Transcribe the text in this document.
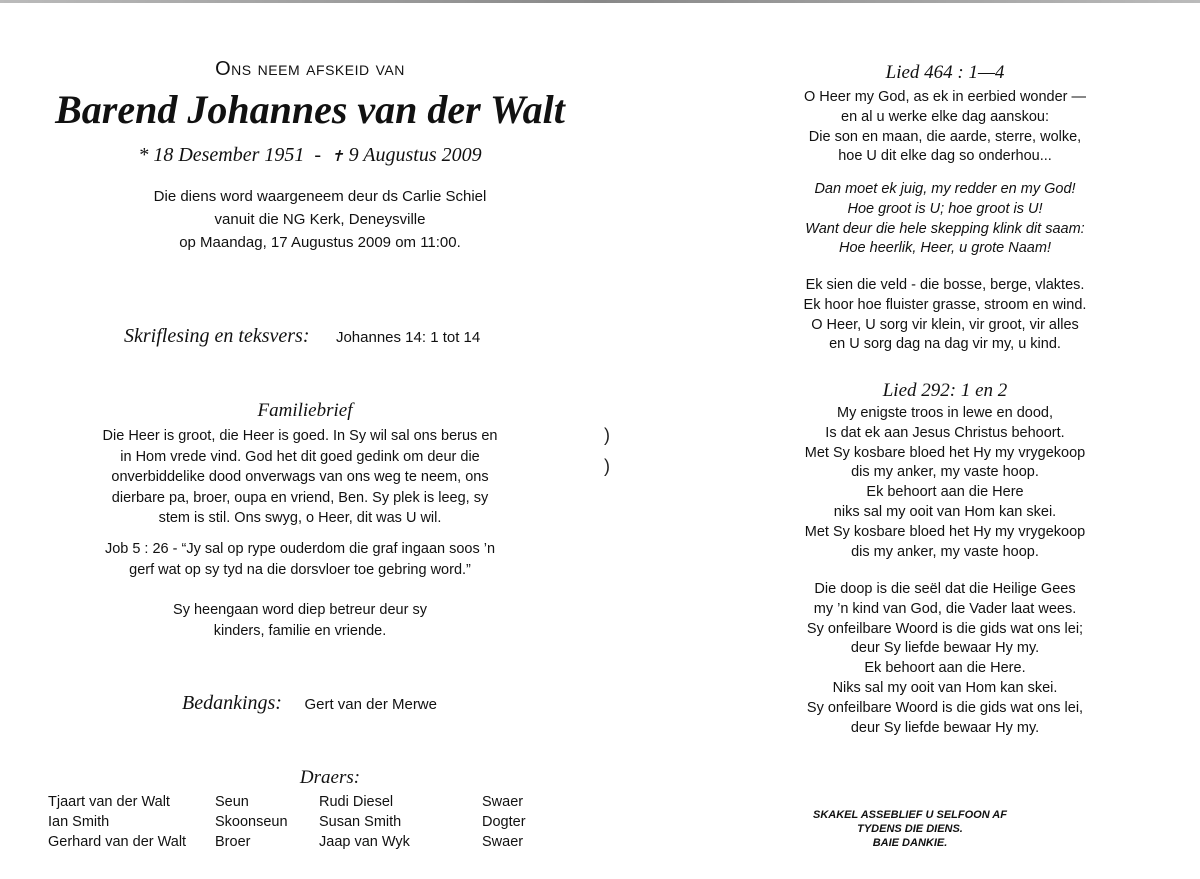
Ons neem afskeid van
Barend Johannes van der Walt
* 18 Desember 1951 - ✝ 9 Augustus 2009
Die diens word waargeneem deur ds Carlie Schiel
vanuit die NG Kerk, Deneysville
op Maandag, 17 Augustus 2009 om 11:00.
Skriflesing en teksvers: Johannes 14: 1 tot 14
Familiebrief
Die Heer is groot, die Heer is goed. In Sy wil sal ons berus en
in Hom vrede vind. God het dit goed gedink om deur die
onverbiddelike dood onverwags van ons weg te neem, ons
dierbare pa, broer, oupa en vriend, Ben. Sy plek is leeg, sy
stem is stil. Ons swyg, o Heer, dit was U wil.
Job 5 : 26 - “Jy sal op rype ouderdom die graf ingaan soos ’n
gerf wat op sy tyd na die dorsvloer toe gebring word.”
Sy heengaan word diep betreur deur sy
kinders, familie en vriende.
Bedankings: Gert van der Merwe
Draers:
Tjaart van der Walt	Seun	Rudi Diesel	Swaer
Ian Smith	Skoonseun	Susan Smith	Dogter
Gerhard van der Walt	Broer	Jaap van Wyk	Swaer
)
)
Lied 464 : 1—4
O Heer my God, as ek in eerbied wonder —
en al u werke elke dag aanskou:
Die son en maan, die aarde, sterre, wolke,
hoe U dit elke dag so onderhou...
Dan moet ek juig, my redder en my God!
Hoe groot is U; hoe groot is U!
Want deur die hele skepping klink dit saam:
Hoe heerlik, Heer, u grote Naam!
Ek sien die veld - die bosse, berge, vlaktes.
Ek hoor hoe fluister grasse, stroom en wind.
O Heer, U sorg vir klein, vir groot, vir alles
en U sorg dag na dag vir my, u kind.
Lied 292: 1 en 2
My enigste troos in lewe en dood,
Is dat ek aan Jesus Christus behoort.
Met Sy kosbare bloed het Hy my vrygekoop
dis my anker, my vaste hoop.
Ek behoort aan die Here
niks sal my ooit van Hom kan skei.
Met Sy kosbare bloed het Hy my vrygekoop
dis my anker, my vaste hoop.
Die doop is die seël dat die Heilige Gees
my ’n kind van God, die Vader laat wees.
Sy onfeilbare Woord is die gids wat ons lei;
deur Sy liefde bewaar Hy my.
Ek behoort aan die Here.
Niks sal my ooit van Hom kan skei.
Sy onfeilbare Woord is die gids wat ons lei,
deur Sy liefde bewaar Hy my.
SKAKEL ASSEBLIEF U SELFOON AF
TYDENS DIE DIENS.
BAIE DANKIE.
